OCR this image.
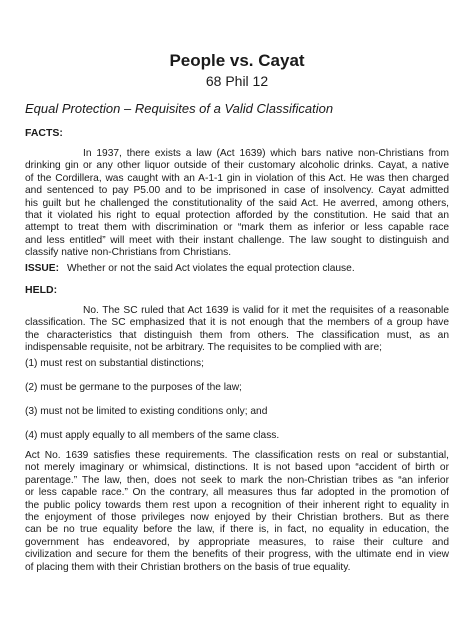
People vs. Cayat
68 Phil 12
Equal Protection – Requisites of a Valid Classification
FACTS:
In 1937, there exists a law (Act 1639) which bars native non-Christians from
drinking gin or any other liquor outside of their customary alcoholic drinks. Cayat, a native
of the Cordillera, was caught with an A-1-1 gin in violation of this Act. He was then charged
and sentenced to pay P5.00 and to be imprisoned in case of insolvency. Cayat admitted
his guilt but he challenged the constitutionality of the said Act. He averred, among others,
that it violated his right to equal protection afforded by the constitution. He said that an
attempt to treat them with discrimination or “mark them as inferior or less capable race
and less entitled” will meet with their instant challenge. The law sought to distinguish and
classify native non-Christians from Christians.
ISSUE: Whether or not the said Act violates the equal protection clause.
HELD:
No. The SC ruled that Act 1639 is valid for it met the requisites of a reasonable
classification. The SC emphasized that it is not enough that the members of a group have
the characteristics that distinguish them from others. The classification must, as an
indispensable requisite, not be arbitrary. The requisites to be complied with are;
(1) must rest on substantial distinctions;
(2) must be germane to the purposes of the law;
(3) must not be limited to existing conditions only; and
(4) must apply equally to all members of the same class.
Act No. 1639 satisfies these requirements. The classification rests on real or substantial,
not merely imaginary or whimsical, distinctions. It is not based upon “accident of birth or
parentage.” The law, then, does not seek to mark the non-Christian tribes as “an inferior
or less capable race.” On the contrary, all measures thus far adopted in the promotion of
the public policy towards them rest upon a recognition of their inherent right to equality in
the enjoyment of those privileges now enjoyed by their Christian brothers. But as there
can be no true equality before the law, if there is, in fact, no equality in education, the
government has endeavored, by appropriate measures, to raise their culture and
civilization and secure for them the benefits of their progress, with the ultimate end in view
of placing them with their Christian brothers on the basis of true equality.
